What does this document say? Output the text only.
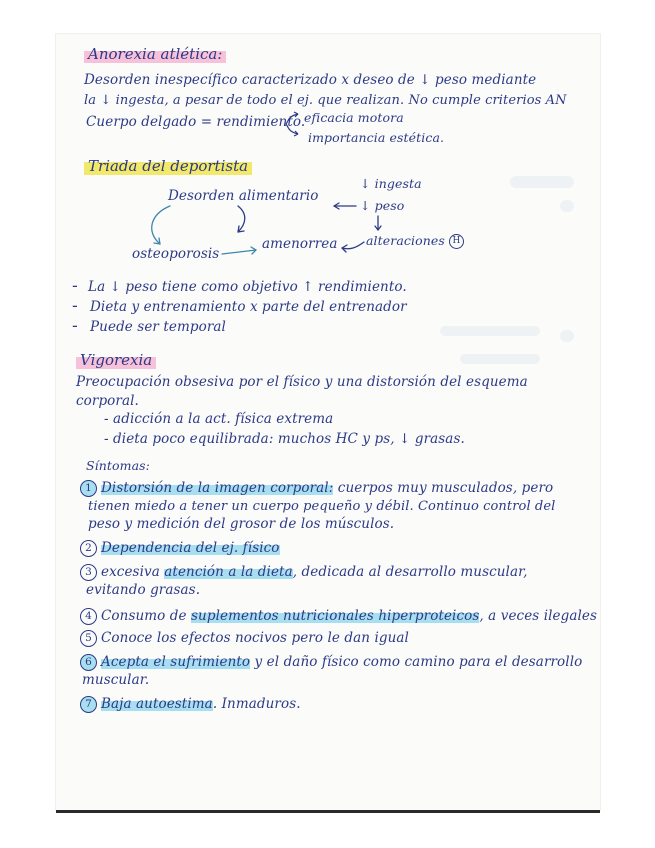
Anorexia atlética:
Desorden inespecífico caracterizado x deseo de ↓ peso mediante
la ↓ ingesta, a pesar de todo el ej. que realizan. No cumple criterios AN
Cuerpo delgado = rendimiento.
eficacia motora
importancia estética.
Triada del deportista
Desorden alimentario
↓ ingesta
↓ peso
alteraciones H
amenorrea
osteoporosis
- La ↓ peso tiene como objetivo ↑ rendimiento.
- Dieta y entrenamiento x parte del entrenador
- Puede ser temporal
Vigorexia
Preocupación obsesiva por el físico y una distorsión del esquema
corporal.
- adicción a la act. física extrema
- dieta poco equilibrada: muchos HC y ps, ↓ grasas.
Síntomas:
1 Distorsión de la imagen corporal: cuerpos muy musculados, pero
tienen miedo a tener un cuerpo pequeño y débil. Continuo control del
peso y medición del grosor de los músculos.
2 Dependencia del ej. físico
3 excesiva atención a la dieta, dedicada al desarrollo muscular,
evitando grasas.
4 Consumo de suplementos nutricionales hiperproteicos, a veces ilegales
5 Conoce los efectos nocivos pero le dan igual
6 Acepta el sufrimiento y el daño físico como camino para el desarrollo
muscular.
7 Baja autoestima. Inmaduros.
